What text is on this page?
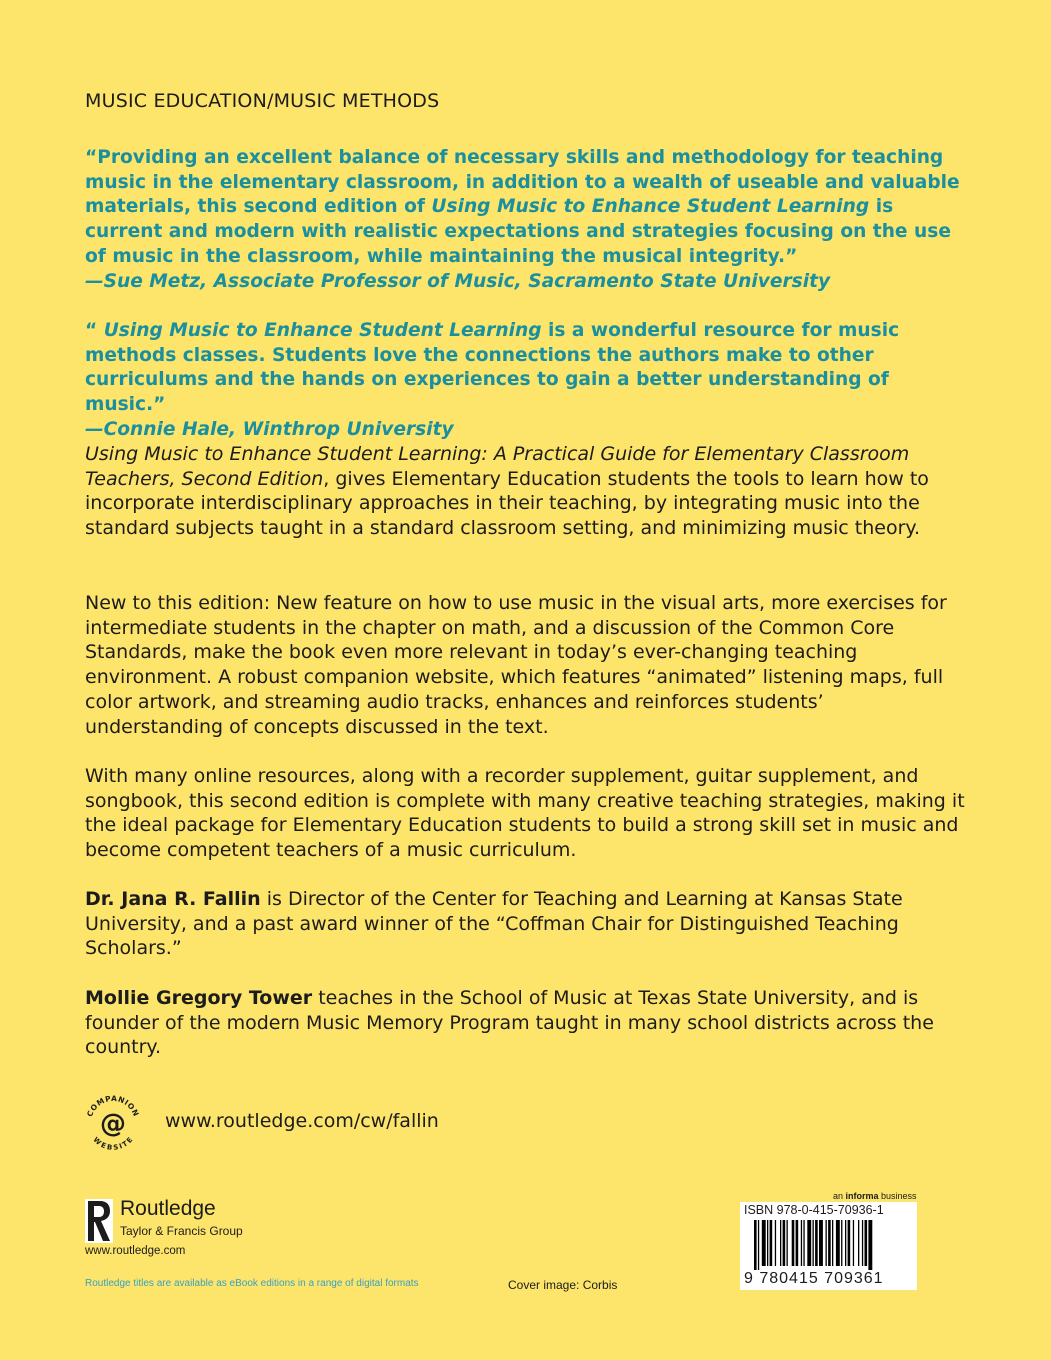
MUSIC EDUCATION/MUSIC METHODS
“Providing an excellent balance of necessary skills and methodology for teaching music in the elementary classroom, in addition to a wealth of useable and valuable materials, this second edition of Using Music to Enhance Student Learning is current and modern with realistic expectations and strategies focusing on the use of music in the classroom, while maintaining the musical integrity.”
—Sue Metz, Associate Professor of Music, Sacramento State University
“ Using Music to Enhance Student Learning is a wonderful resource for music methods classes. Students love the connections the authors make to other curriculums and the hands on experiences to gain a better understanding of music.”
—Connie Hale, Winthrop University
Using Music to Enhance Student Learning: A Practical Guide for Elementary Classroom Teachers, Second Edition, gives Elementary Education students the tools to learn how to incorporate interdisciplinary approaches in their teaching, by integrating music into the standard subjects taught in a standard classroom setting, and minimizing music theory.
New to this edition: New feature on how to use music in the visual arts, more exercises for intermediate students in the chapter on math, and a discussion of the Common Core Standards, make the book even more relevant in today’s ever-changing teaching environment. A robust companion website, which features “animated” listening maps, full color artwork, and streaming audio tracks, enhances and reinforces students’ understanding of concepts discussed in the text.
With many online resources, along with a recorder supplement, guitar supplement, and songbook, this second edition is complete with many creative teaching strategies, making it the ideal package for Elementary Education students to build a strong skill set in music and become competent teachers of a music curriculum.
Dr. Jana R. Fallin is Director of the Center for Teaching and Learning at Kansas State University, and a past award winner of the “Coffman Chair for Distinguished Teaching Scholars.”
Mollie Gregory Tower teaches in the School of Music at Texas State University, and is founder of the modern Music Memory Program taught in many school districts across the country.
COMPANION
WEBSITE
@ www.routledge.com/cw/fallin
Routledge
Taylor & Francis Group
www.routledge.com
Routledge titles are available as eBook editions in a range of digital formats	Cover image: Corbis
an informa business
ISBN 978-0-415-70936-1
9 780415 709361
